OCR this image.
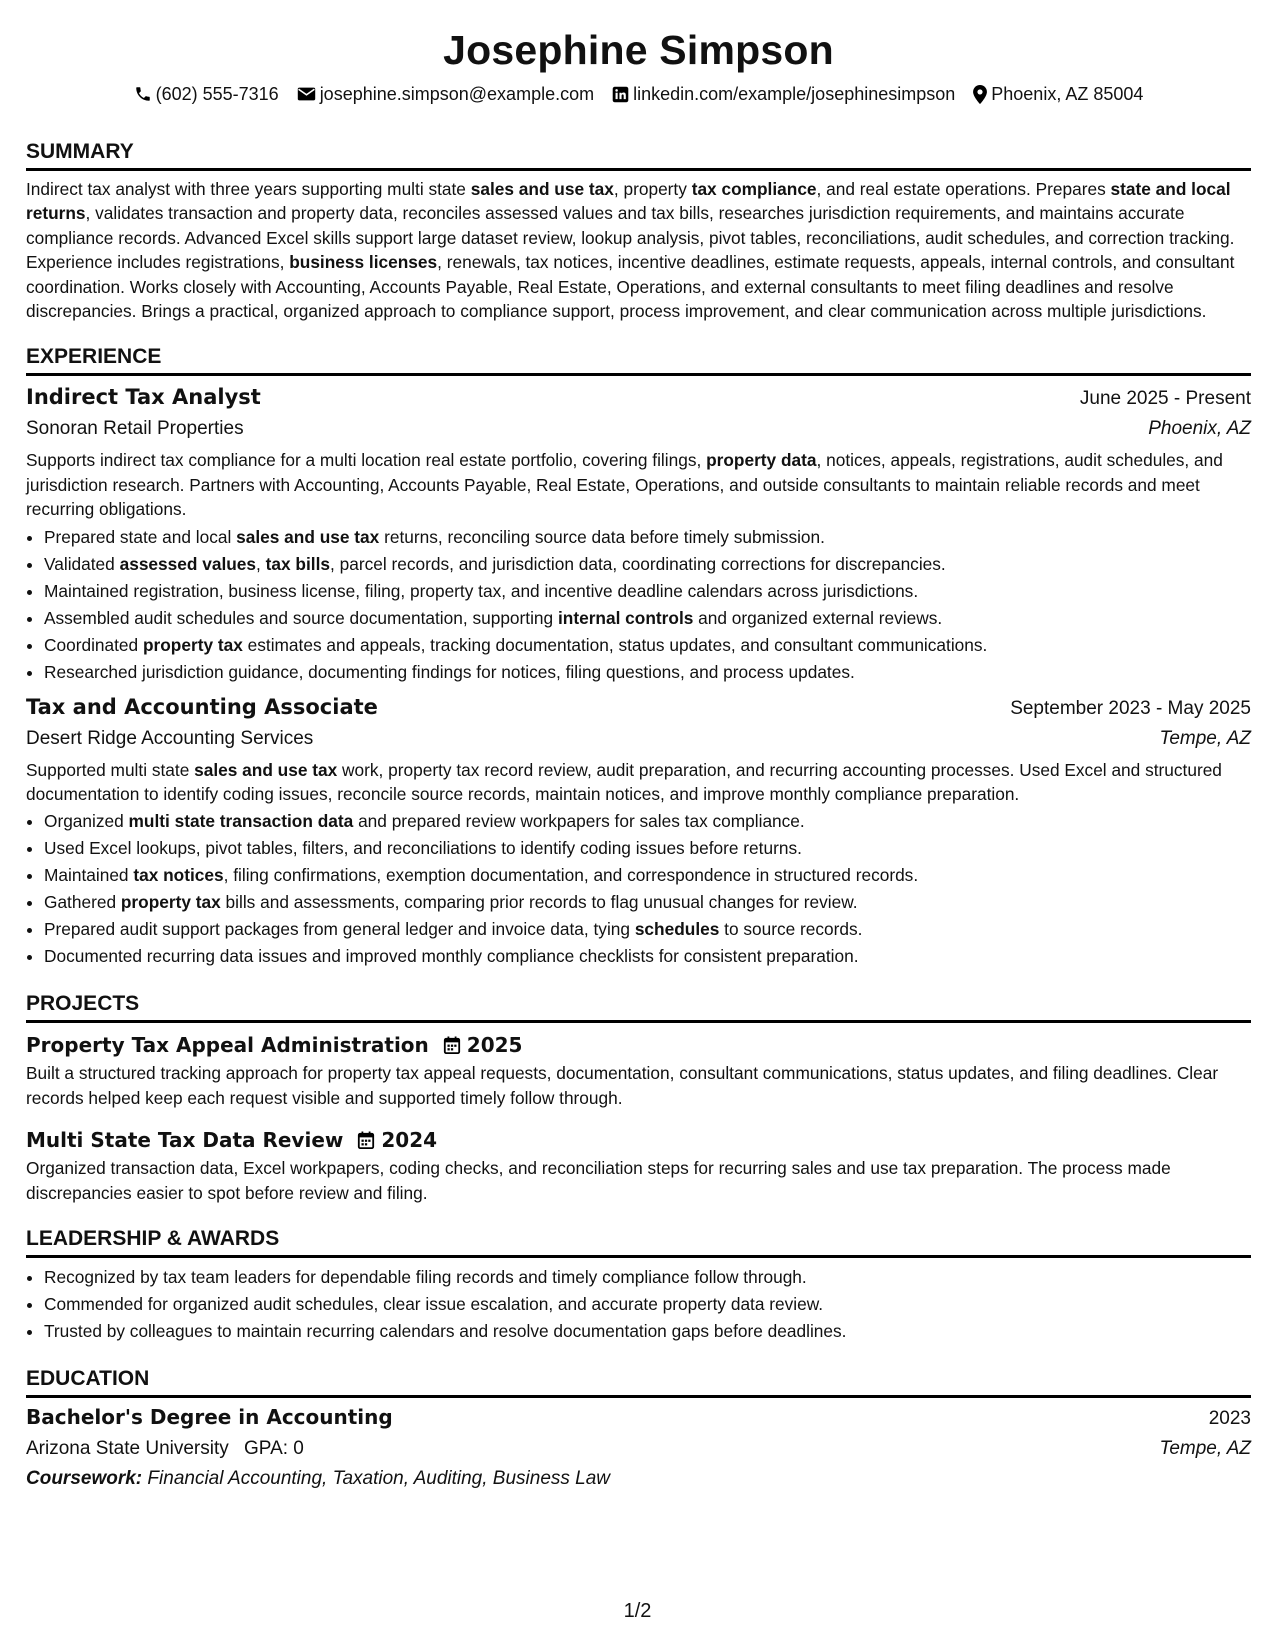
Josephine Simpson
(602) 555-7316 josephine.simpson@example.com linkedin.com/example/josephinesimpson Phoenix, AZ 85004
SUMMARY

Indirect tax analyst with three years supporting multi state sales and use tax, property tax compliance, and real estate operations. Prepares state and local returns, validates transaction and property data, reconciles assessed values and tax bills, researches jurisdiction requirements, and maintains accurate compliance records. Advanced Excel skills support large dataset review, lookup analysis, pivot tables, reconciliations, audit schedules, and correction tracking. Experience includes registrations, business licenses, renewals, tax notices, incentive deadlines, estimate requests, appeals, internal controls, and consultant coordination. Works closely with Accounting, Accounts Payable, Real Estate, Operations, and external consultants to meet filing deadlines and resolve discrepancies. Brings a practical, organized approach to compliance support, process improvement, and clear communication across multiple jurisdictions.

EXPERIENCE
Indirect Tax Analyst	June 2025 - Present
Sonoran Retail Properties	Phoenix, AZ

Supports indirect tax compliance for a multi location real estate portfolio, covering filings, property data, notices, appeals, registrations, audit schedules, and jurisdiction research. Partners with Accounting, Accounts Payable, Real Estate, Operations, and outside consultants to maintain reliable records and meet recurring obligations.

• Prepared state and local sales and use tax returns, reconciling source data before timely submission.
• Validated assessed values, tax bills, parcel records, and jurisdiction data, coordinating corrections for discrepancies.
• Maintained registration, business license, filing, property tax, and incentive deadline calendars across jurisdictions.
• Assembled audit schedules and source documentation, supporting internal controls and organized external reviews.
• Coordinated property tax estimates and appeals, tracking documentation, status updates, and consultant communications.
• Researched jurisdiction guidance, documenting findings for notices, filing questions, and process updates.
Tax and Accounting Associate	September 2023 - May 2025
Desert Ridge Accounting Services	Tempe, AZ

Supported multi state sales and use tax work, property tax record review, audit preparation, and recurring accounting processes. Used Excel and structured documentation to identify coding issues, reconcile source records, maintain notices, and improve monthly compliance preparation.

• Organized multi state transaction data and prepared review workpapers for sales tax compliance.
• Used Excel lookups, pivot tables, filters, and reconciliations to identify coding issues before returns.
• Maintained tax notices, filing confirmations, exemption documentation, and correspondence in structured records.
• Gathered property tax bills and assessments, comparing prior records to flag unusual changes for review.
• Prepared audit support packages from general ledger and invoice data, tying schedules to source records.
• Documented recurring data issues and improved monthly compliance checklists for consistent preparation.
PROJECTS
Property Tax Appeal Administration 2025

Built a structured tracking approach for property tax appeal requests, documentation, consultant communications, status updates, and filing deadlines. Clear records helped keep each request visible and supported timely follow through.

Multi State Tax Data Review 2024

Organized transaction data, Excel workpapers, coding checks, and reconciliation steps for recurring sales and use tax preparation. The process made discrepancies easier to spot before review and filing.

LEADERSHIP & AWARDS
• Recognized by tax team leaders for dependable filing records and timely compliance follow through.
• Commended for organized audit schedules, clear issue escalation, and accurate property data review.
• Trusted by colleagues to maintain recurring calendars and resolve documentation gaps before deadlines.
EDUCATION
Bachelor's Degree in Accounting	2023
Arizona State University GPA: 0	Tempe, AZ
Coursework: Financial Accounting, Taxation, Auditing, Business Law
1/2
